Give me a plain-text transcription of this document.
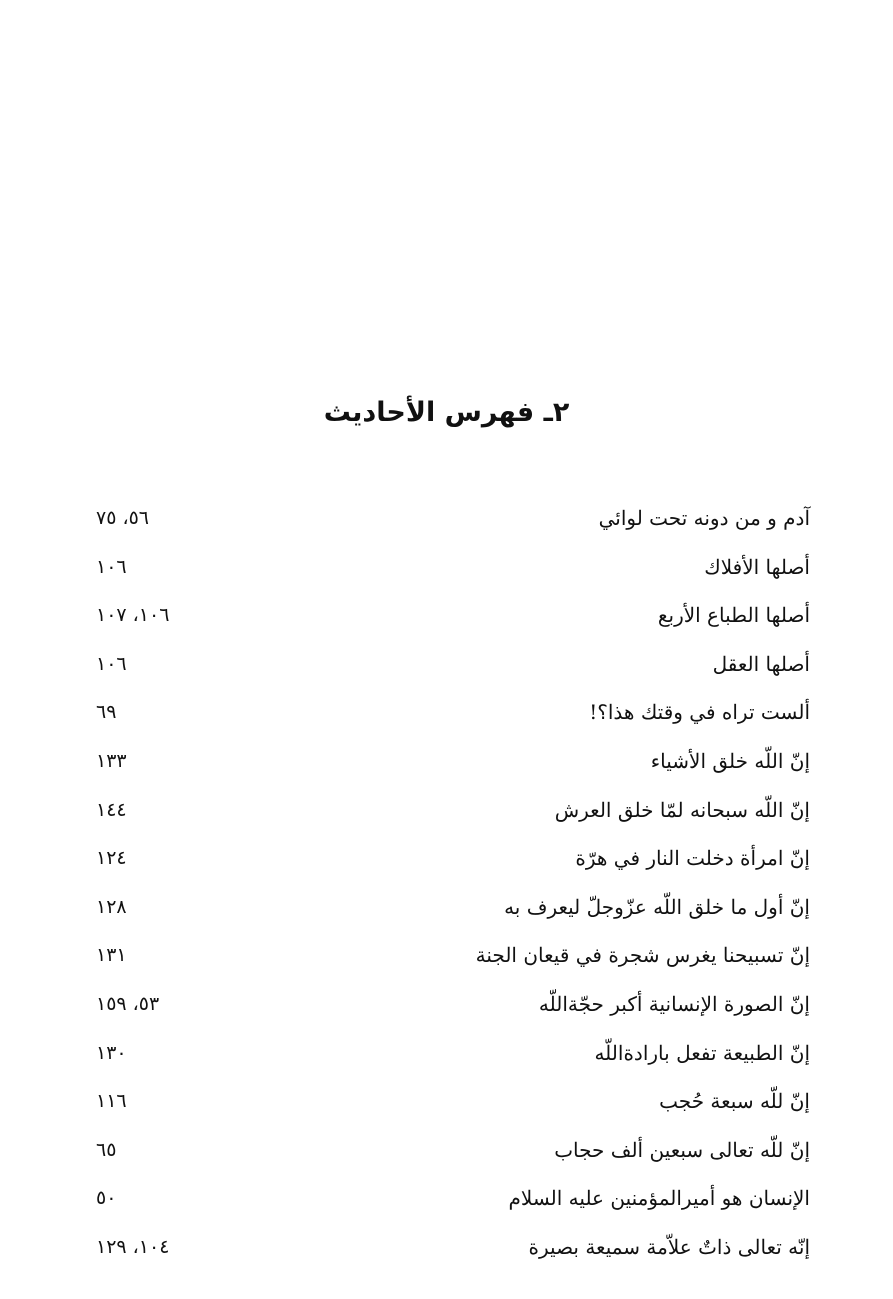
٢ـ فهرس الأحاديث
آدم و من دونه تحت لوائي
٥٦، ٧٥
أصلها الأفلاك
١٠٦
أصلها الطباع الأربع
١٠٦، ١٠٧
أصلها العقل
١٠٦
ألست تراه في وقتك هذا؟!
٦٩
إنّ اللّه خلق الأشياء
١٣٣
إنّ اللّه سبحانه لمّا خلق العرش
١٤٤
إنّ امرأة دخلت النار في هرّة
١٢٤
إنّ أول ما خلق اللّه عزّوجلّ ليعرف به
١٢٨
إنّ تسبيحنا يغرس شجرة في قيعان الجنة
١٣١
إنّ الصورة الإنسانية أكبر حجّةاللّه
٥٣، ١٥٩
إنّ الطبيعة تفعل بارادةاللّه
١٣٠
إنّ للّه سبعة حُجب
١١٦
إنّ للّه تعالى سبعين ألف حجاب
٦٥
الإنسان هو أميرالمؤمنين عليه السلام
٥٠
إنّه تعالى ذاتٌ علاّمة سميعة بصيرة
١٠٤، ١٢٩
